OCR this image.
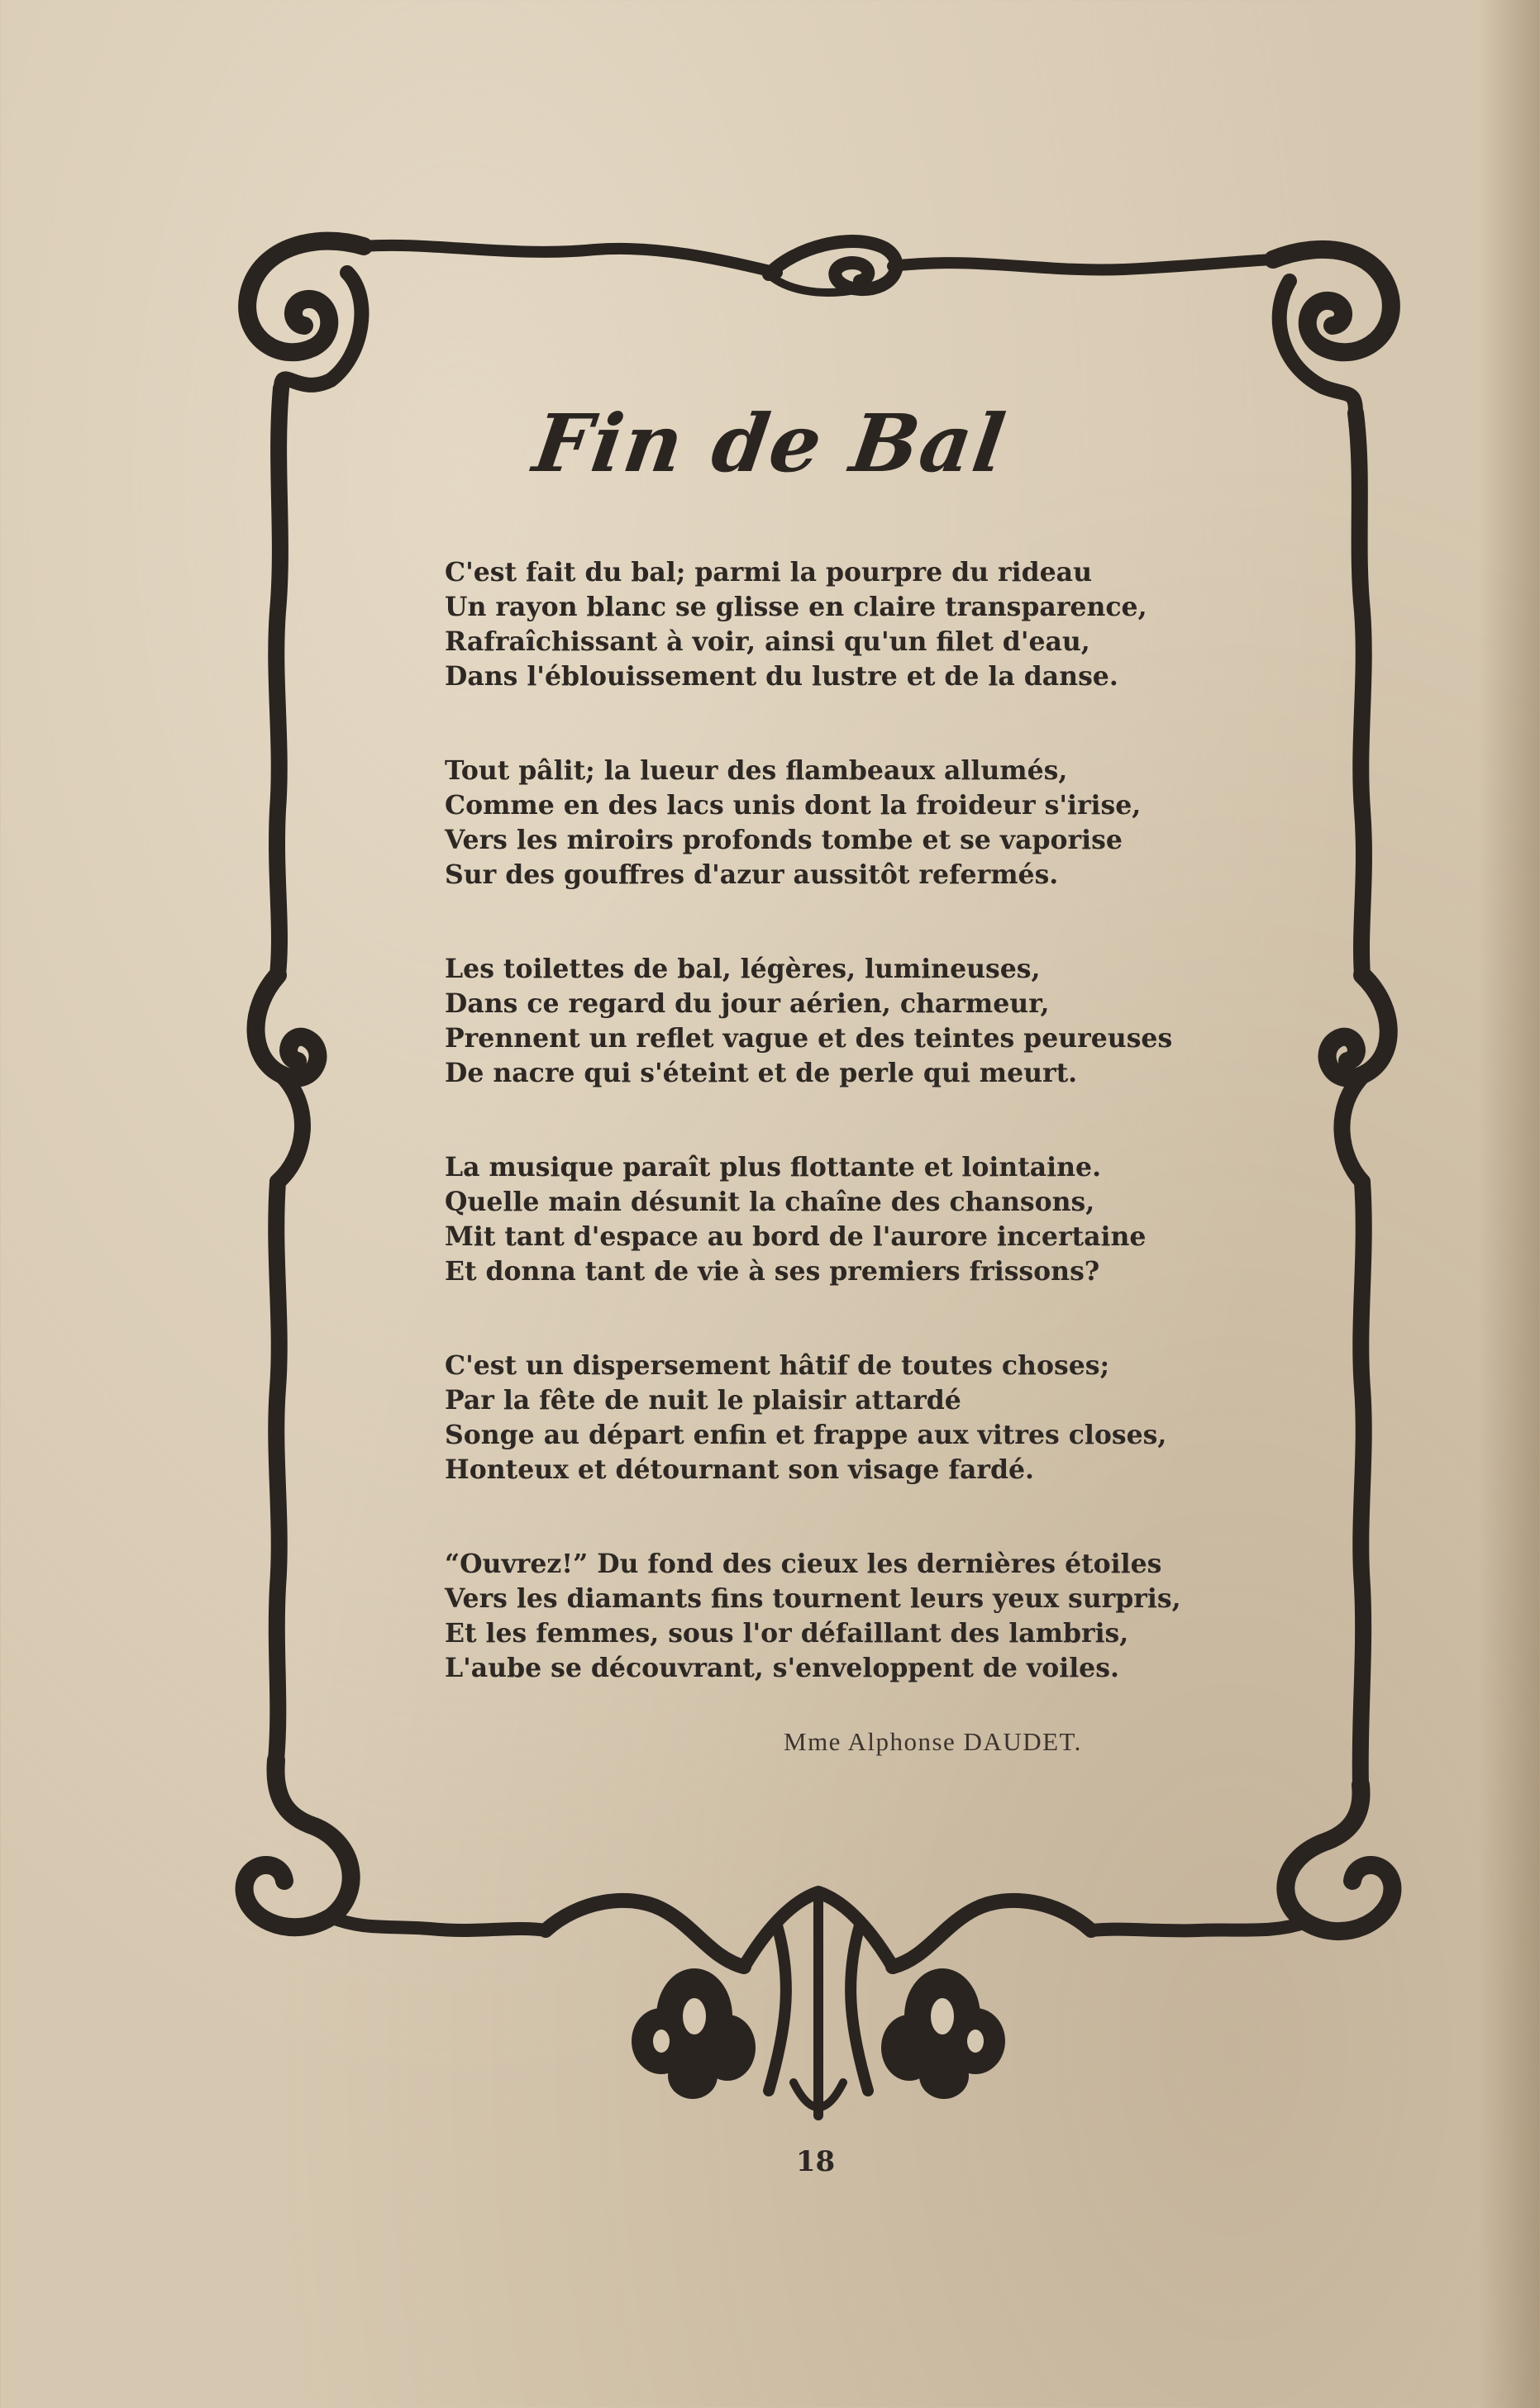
Fin de Bal
C'est fait du bal; parmi la pourpre du rideau
Un rayon blanc se glisse en claire transparence,
Rafraîchissant à voir, ainsi qu'un filet d'eau,
Dans l'éblouissement du lustre et de la danse.
Tout pâlit; la lueur des flambeaux allumés,
Comme en des lacs unis dont la froideur s'irise,
Vers les miroirs profonds tombe et se vaporise
Sur des gouffres d'azur aussitôt refermés.
Les toilettes de bal, légères, lumineuses,
Dans ce regard du jour aérien, charmeur,
Prennent un reflet vague et des teintes peureuses
De nacre qui s'éteint et de perle qui meurt.
La musique paraît plus flottante et lointaine.
Quelle main désunit la chaîne des chansons,
Mit tant d'espace au bord de l'aurore incertaine
Et donna tant de vie à ses premiers frissons?
C'est un dispersement hâtif de toutes choses;
Par la fête de nuit le plaisir attardé
Songe au départ enfin et frappe aux vitres closes,
Honteux et détournant son visage fardé.
“Ouvrez!” Du fond des cieux les dernières étoiles
Vers les diamants fins tournent leurs yeux surpris,
Et les femmes, sous l'or défaillant des lambris,
L'aube se découvrant, s'enveloppent de voiles.
Mme Alphonse DAUDET.
18
